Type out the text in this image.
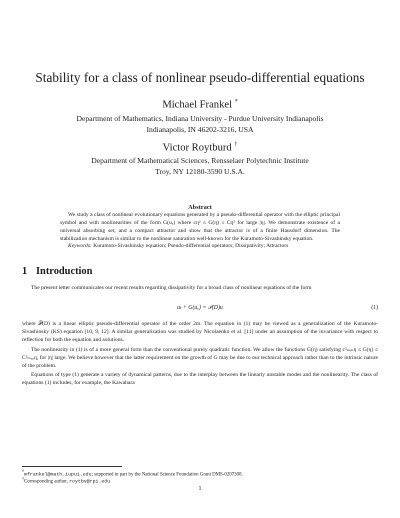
Stability for a class of nonlinear pseudo-differential equations
Michael Frankel *
Department of Mathematics, Indiana University - Purdue University Indianapolis
Indianapolis, IN 46202-3216, USA
Victor Roytburd †
Department of Mathematical Sciences, Rensselaer Polytechnic Institute
Troy, NY 12180-3590 U.S.A.
Abstract

We study a class of nonlinear evolutionary equations generated by a pseudo-differential operator with the elliptic principal symbol and with nonlinearities of the form G(uₓ) where cη² ≤ G(η) ≤ Cη² for large |η|. We demonstrate existence of a universal absorbing set, and a compact attractor and show that the attractor is of a finite Hausdorf dimension. The stabilization mechanism is similar to the nonlinear saturation well-known for the Kuramoto-Sivashinsky equation.

Keywords: Kuramoto-Sivashinsky equation; Pseudo-differential operators; Dissipativity; Attractors

1 Introduction

The present letter communicates our recent results regarding dissipativity for a broad class of nonlinear equations of the form

uₜ + G(uₓ) = 𝒫(D)u	(1)

where 𝒫(D) is a linear elliptic pseudo-differential operator of the order 2m. The equation in (1) may be viewed as a generalization of the Kuramoto-Sivashinsky (KS) equation [10, 9, 12]. A similar generalization was studied by Nicolaenko et al. [11] under an assumption of the invariance with respect to reflection for both the equation and solutions.

The nonlinearity in (1) is of a more general form than the conventional purely quadratic function. We allow the functions G(η) satisfying c²ₘᵢₙη ≤ G(η) ≤ C²ₘₐₓη, for |η| large. We believe however that the latter requirement on the growth of G may be due to our technical approach rather than to the intrinsic nature of the problem.

Equations of type (1) generate a variety of dynamical patterns, due to the interplay between the linearly unstable modes and the nonlinearity. The class of equations (1) includes, for example, the Kawahara

*mfrankel@math.iupui.edu; supported in part by the National Science Foundation Grant DMS-0207308.
†Corresponding author, roytbv@rpi.edu
1
